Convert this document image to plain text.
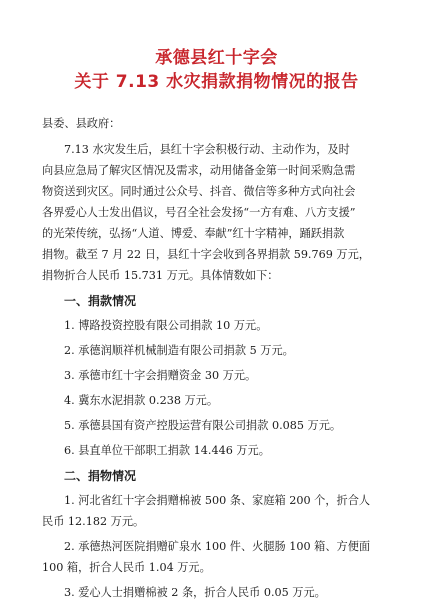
承德县红十字会
关于 7.13 水灾捐款捐物情况的报告
县委、县政府：
7.13 水灾发生后，县红十字会积极行动、主动作为，及时
向县应急局了解灾区情况及需求，动用储备金第一时间采购急需
物资送到灾区。同时通过公众号、抖音、微信等多种方式向社会
各界爱心人士发出倡议，号召全社会发扬“一方有难、八方支援”
的光荣传统，弘扬“人道、博爱、奉献”红十字精神，踊跃捐款
捐物。截至 7 月 22 日，县红十字会收到各界捐款 59.769 万元，
捐物折合人民币 15.731 万元。具体情数如下：
一、捐款情况
1. 博路投资控股有限公司捐款 10 万元。
2. 承德润顺祥机械制造有限公司捐款 5 万元。
3. 承德市红十字会捐赠资金 30 万元。
4. 冀东水泥捐款 0.238 万元。
5. 承德县国有资产控股运营有限公司捐款 0.085 万元。
6. 县直单位干部职工捐款 14.446 万元。
二、捐物情况
1. 河北省红十字会捐赠棉被 500 条、家庭箱 200 个，折合人
民币 12.182 万元。
2. 承德热河医院捐赠矿泉水 100 件、火腿肠 100 箱、方便面
100 箱，折合人民币 1.04 万元。
3. 爱心人士捐赠棉被 2 条，折合人民币 0.05 万元。
